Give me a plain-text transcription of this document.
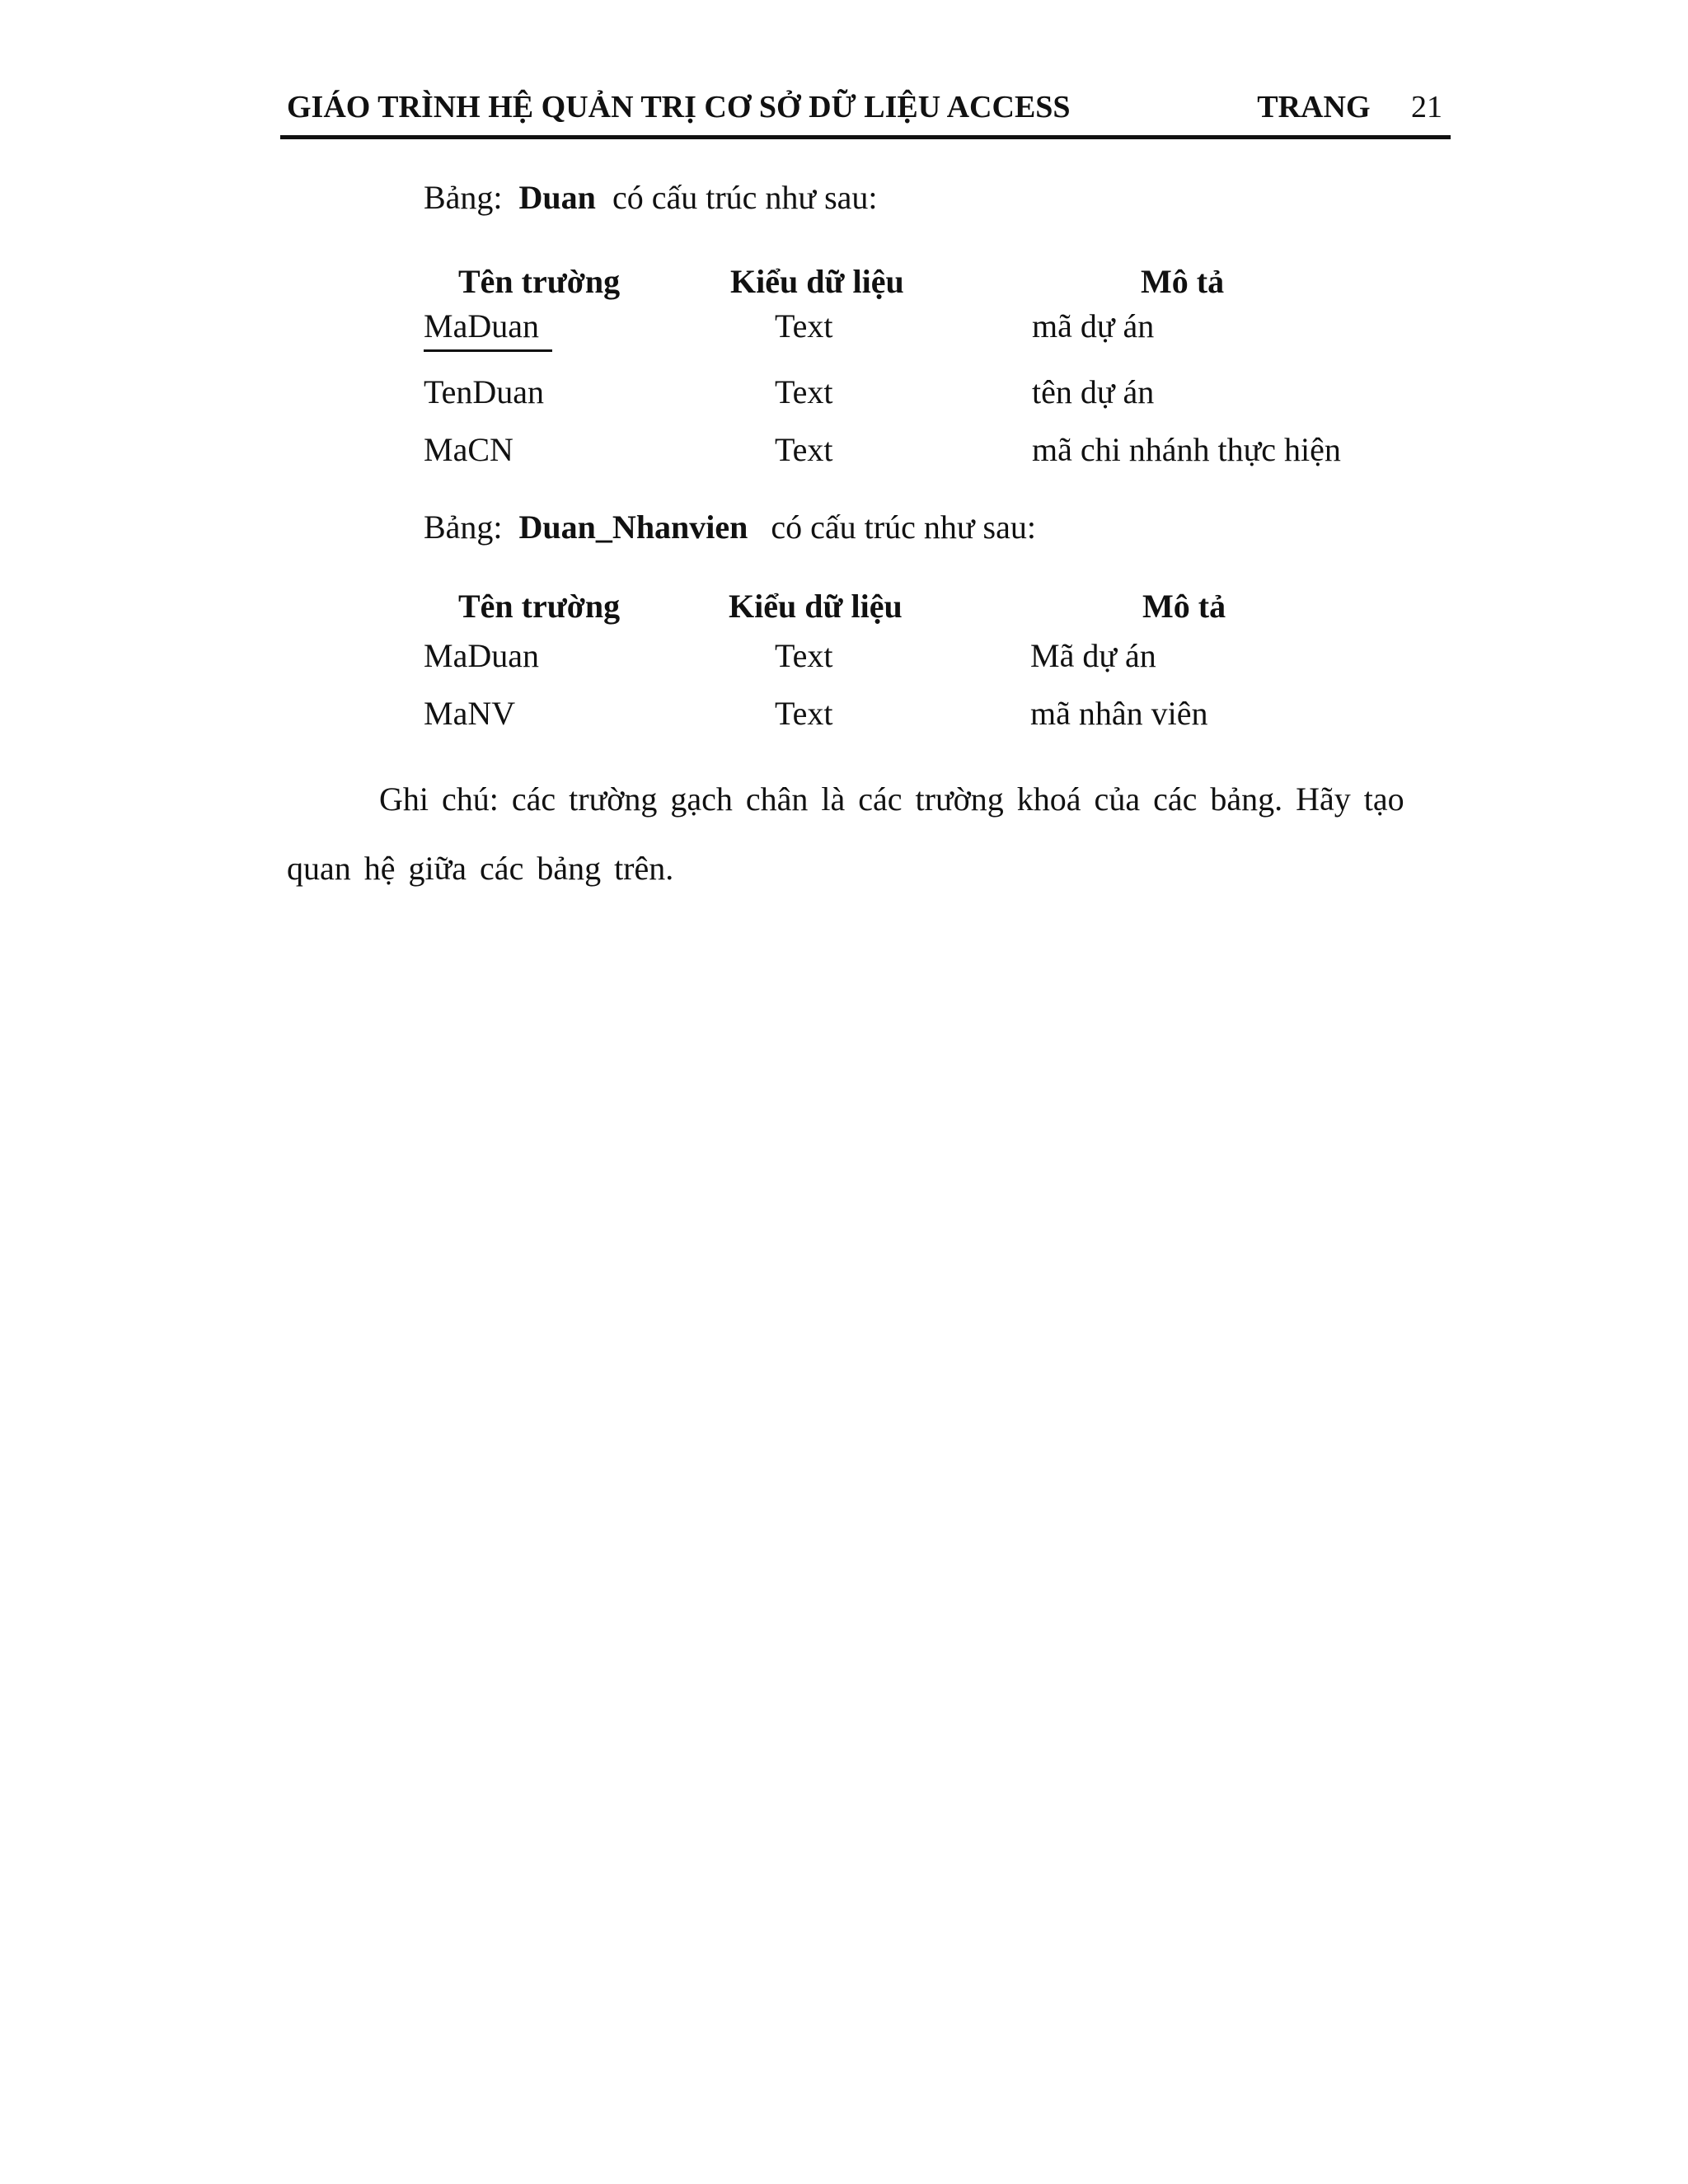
GIÁO TRÌNH HỆ QUẢN TRỊ CƠ SỞ DỮ LIỆU ACCESS	TRANG 21
Bảng: Duan có cấu trúc như sau:
Tên trường	Kiểu dữ liệu	Mô tả
MaDuan	Text	mã dự án
TenDuan	Text	tên dự án
MaCN	Text	mã chi nhánh thực hiện
Bảng: Duan_Nhanvien có cấu trúc như sau:
Tên trường	Kiểu dữ liệu	Mô tả
MaDuan	Text	Mã dự án
MaNV	Text	mã nhân viên
Ghi chú: các trường gạch chân là các trường khoá của các bảng. Hãy tạo
quan hệ giữa các bảng trên.
